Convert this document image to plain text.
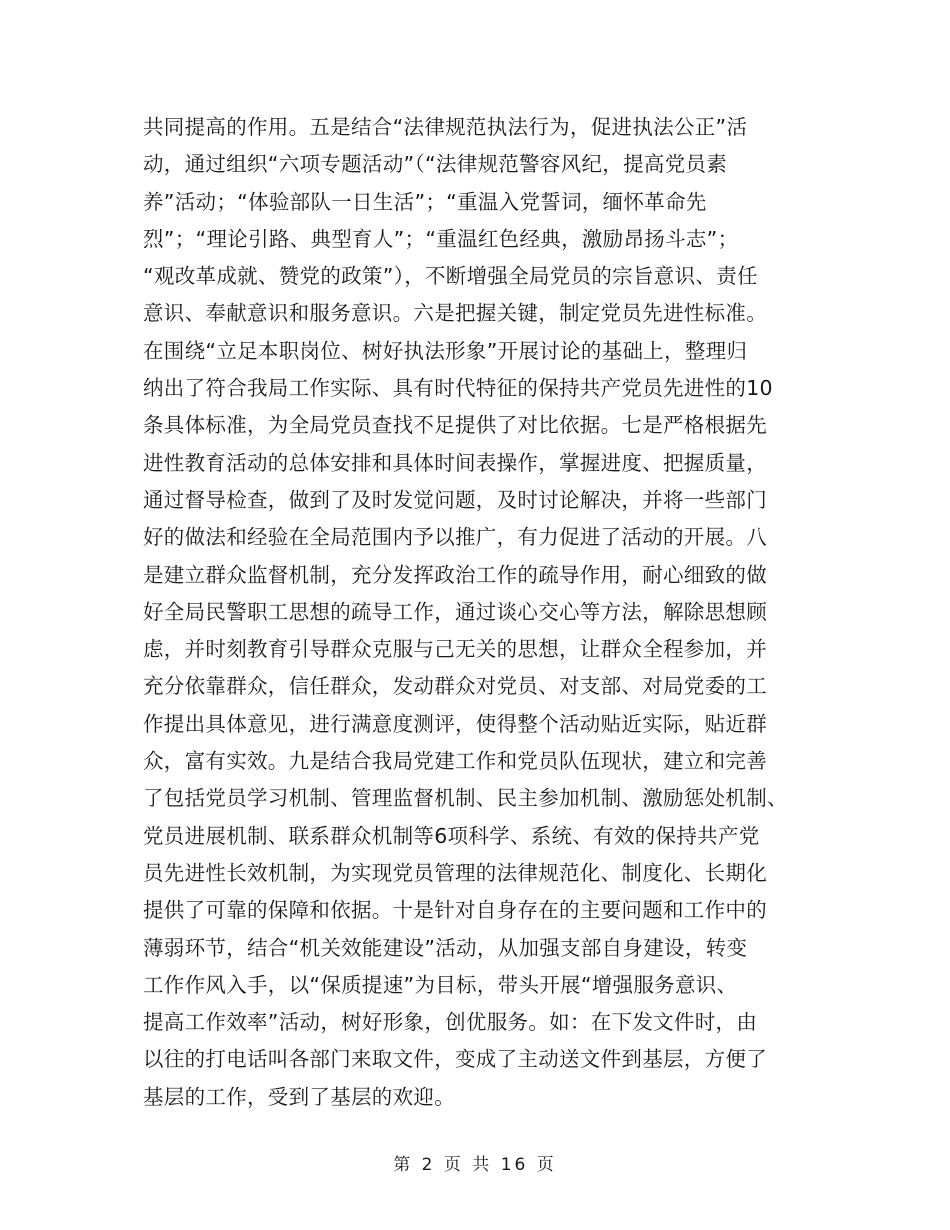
共同提高的作用。五是结合“法律规范执法行为，促进执法公正”活
动，通过组织“六项专题活动”（“法律规范警容风纪，提高党员素
养”活动；“体验部队一日生活”；“重温入党誓词，缅怀革命先
烈”；“理论引路、典型育人”；“重温红色经典，激励昂扬斗志”；
“观改革成就、赞党的政策”），不断增强全局党员的宗旨意识、责任
意识、奉献意识和服务意识。六是把握关键，制定党员先进性标准。
在围绕“立足本职岗位、树好执法形象”开展讨论的基础上，整理归
纳出了符合我局工作实际、具有时代特征的保持共产党员先进性的10
条具体标准，为全局党员查找不足提供了对比依据。七是严格根据先
进性教育活动的总体安排和具体时间表操作，掌握进度、把握质量，
通过督导检查，做到了及时发觉问题，及时讨论解决，并将一些部门
好的做法和经验在全局范围内予以推广，有力促进了活动的开展。八
是建立群众监督机制，充分发挥政治工作的疏导作用，耐心细致的做
好全局民警职工思想的疏导工作，通过谈心交心等方法，解除思想顾
虑，并时刻教育引导群众克服与己无关的思想，让群众全程参加，并
充分依靠群众，信任群众，发动群众对党员、对支部、对局党委的工
作提出具体意见，进行满意度测评，使得整个活动贴近实际，贴近群
众，富有实效。九是结合我局党建工作和党员队伍现状，建立和完善
了包括党员学习机制、管理监督机制、民主参加机制、激励惩处机制、
党员进展机制、联系群众机制等6项科学、系统、有效的保持共产党
员先进性长效机制，为实现党员管理的法律规范化、制度化、长期化
提供了可靠的保障和依据。十是针对自身存在的主要问题和工作中的
薄弱环节，结合“机关效能建设”活动，从加强支部自身建设，转变
工作作风入手，以“保质提速”为目标，带头开展“增强服务意识、
提高工作效率”活动，树好形象，创优服务。如：在下发文件时，由
以往的打电话叫各部门来取文件，变成了主动送文件到基层，方便了
基层的工作，受到了基层的欢迎。
第 2 页 共 16 页
